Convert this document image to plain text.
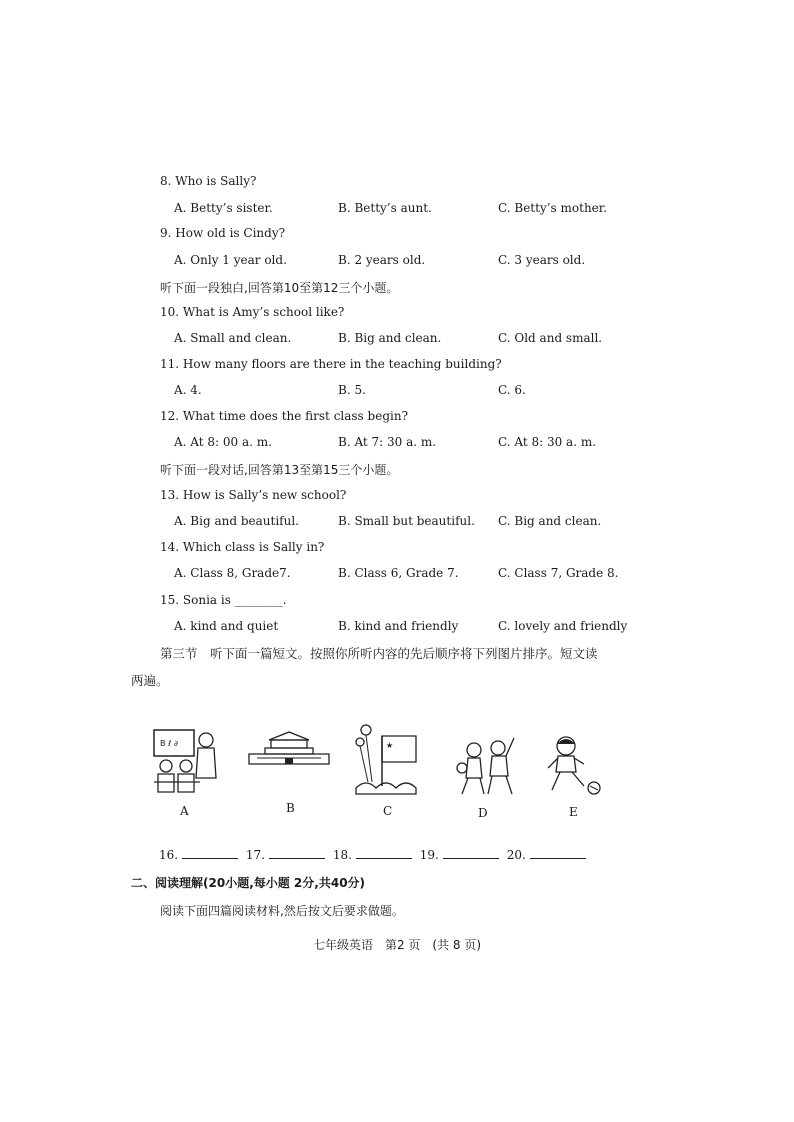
8. Who is Sally?
A. Betty’s sister.	B. Betty’s aunt.	C. Betty’s mother.
9. How old is Cindy?
A. Only 1 year old.	B. 2 years old.	C. 3 years old.
听下面一段独白,回答第10至第12三个小题。
10. What is Amy’s school like?
A. Small and clean.	B. Big and clean.	C. Old and small.
11. How many floors are there in the teaching building?
A. 4.	B. 5.	C. 6.
12. What time does the first class begin?
A. At 8: 00 a. m.	B. At 7: 30 a. m.	C. At 8: 30 a. m.
听下面一段对话,回答第13至第15三个小题。
13. How is Sally’s new school?
A. Big and beautiful.	B. Small but beautiful. C. Big and clean.
14. Which class is Sally in?
A. Class 8, Grade7.	B. Class 6, Grade 7.	C. Class 7, Grade 8.
15. Sonia is ________.
A. kind and quiet	B. kind and friendly	C. lovely and friendly
第三节　听下面一篇短文。按照你所听内容的先后顺序将下列图片排序。短文读
两遍。
B ℓ ∂	★
A	B	C	D	E
16.	17.	18.	19.	20.
二、阅读理解(20小题,每小题 2分,共40分)
阅读下面四篇阅读材料,然后按文后要求做题。
七年级英语　第2 页　(共 8 页)
